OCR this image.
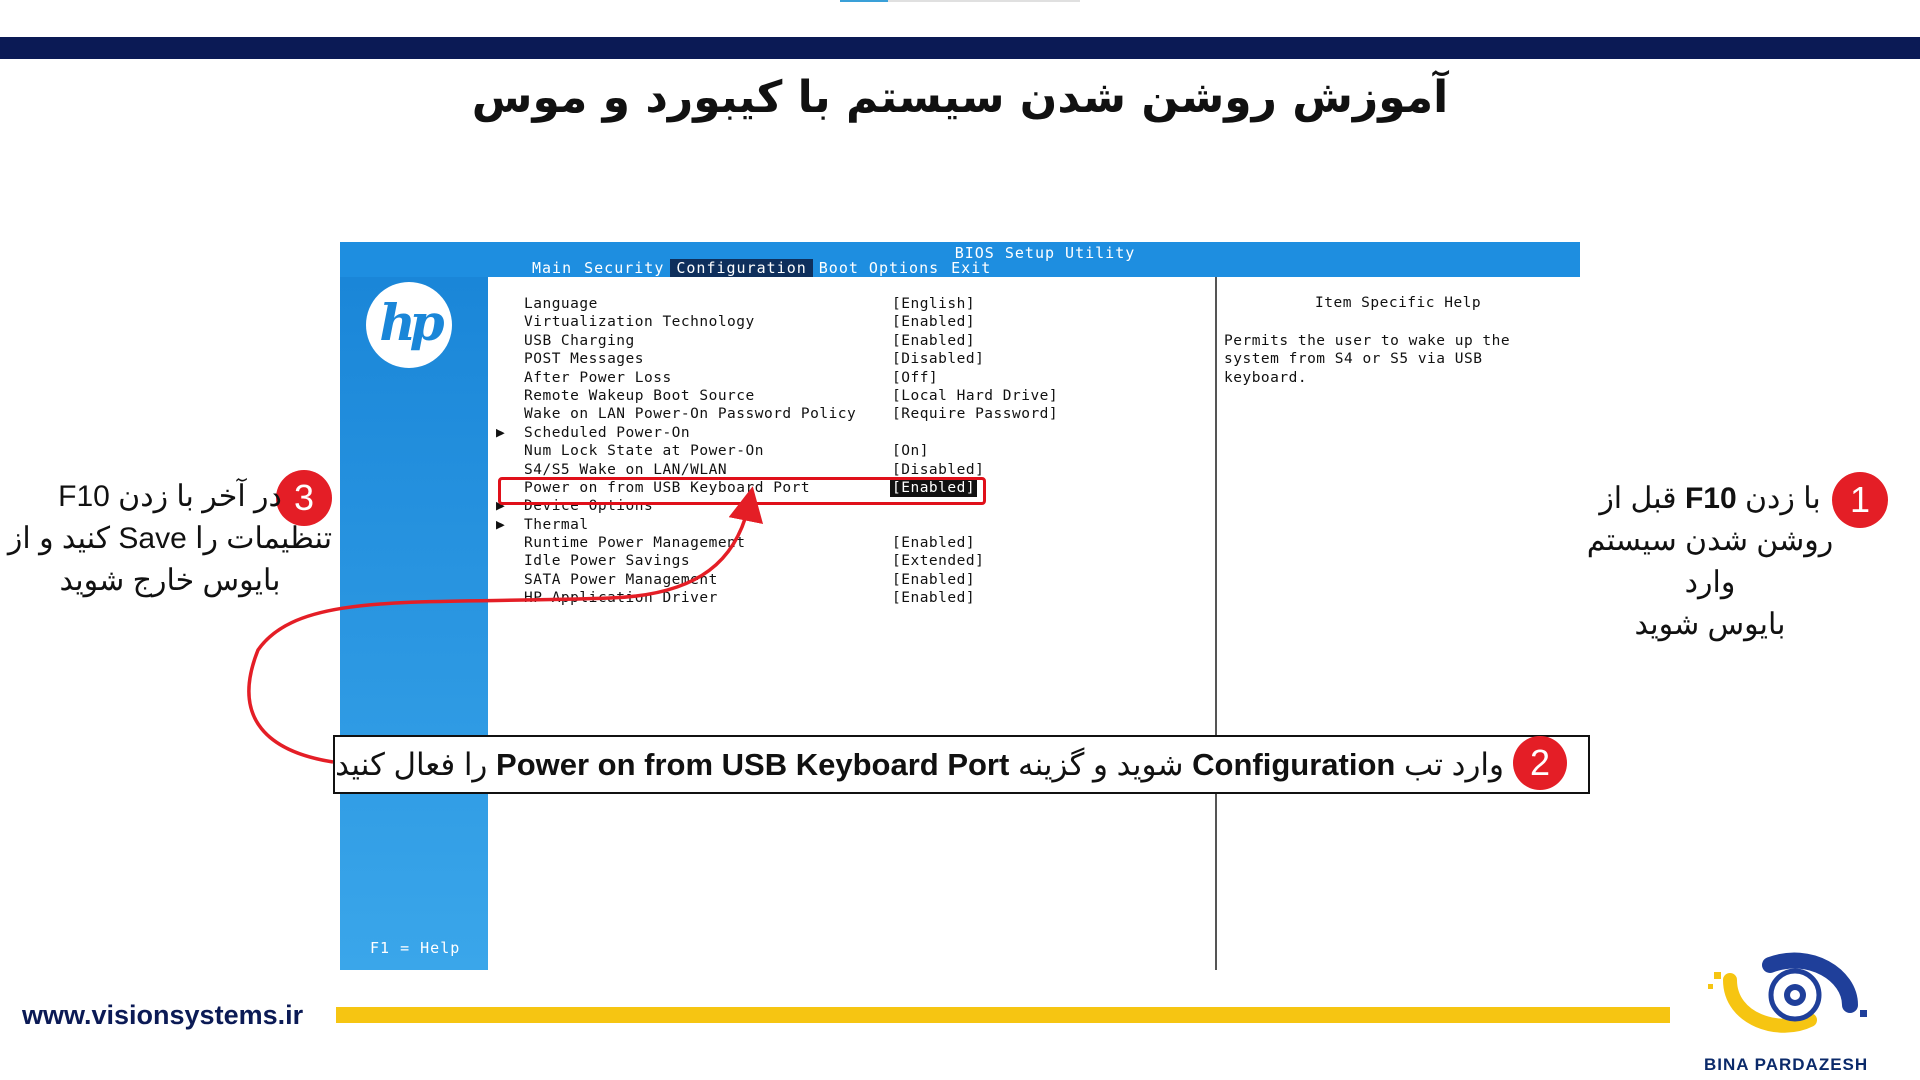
آموزش روشن شدن سیستم با کیبورد و موس
BIOS Setup Utility
Main Security Configuration Boot Options Exit
hp
F1 = Help
Language	[English]
Virtualization Technology	[Enabled]
USB Charging	[Enabled]
POST Messages	[Disabled]
After Power Loss	[Off]
Remote Wakeup Boot Source	[Local Hard Drive]
Wake on LAN Power-On Password Policy [Require Password]
▶	Scheduled Power-On
Num Lock State at Power-On	[On]
S4/S5 Wake on LAN/WLAN	[Disabled]
Power on from USB Keyboard Port	[Enabled]
▶	Device Options
▶	Thermal
Runtime Power Management	[Enabled]
Idle Power Savings	[Extended]
SATA Power Management	[Enabled]
HP Application Driver	[Enabled]
Item Specific Help
Permits the user to wake up the system from S4 or S5 via USB keyboard.
1
با زدن F10 قبل از
روشن شدن سیستم وارد
بایوس شوید
3
در آخر با زدن F10
تنظیمات را Save کنید و از
بایوس خارج شوید
2
وارد تب Configuration شوید و گزینه Power on from USB Keyboard Port را فعال کنید
www.visionsystems.ir
BINA PARDAZESH
